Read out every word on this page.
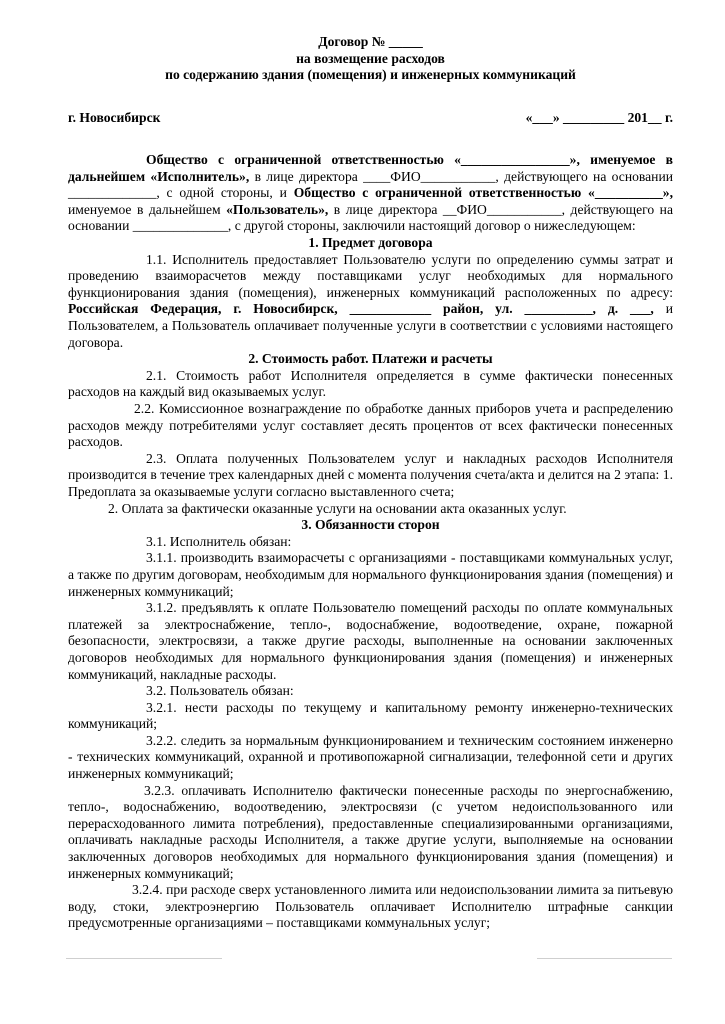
Договор № _____
на возмещение расходов
по содержанию здания (помещения) и инженерных коммуникаций
г. Новосибирск	«___» _________ 201__ г.

Общество с ограниченной ответственностью «________________», именуемое в дальнейшем «Исполнитель», в лице директора ____ФИО___________, действующего на основании _____________, с одной стороны, и Общество с ограниченной ответственностью «__________», именуемое в дальнейшем «Пользователь», в лице директора __ФИО___________, действующего на основании ______________, с другой стороны, заключили настоящий договор о нижеследующем:

1. Предмет договора

1.1. Исполнитель предоставляет Пользователю услуги по определению суммы затрат и проведению взаиморасчетов между поставщиками услуг необходимых для нормального функционирования здания (помещения), инженерных коммуникаций расположенных по адресу: Российская Федерация, г. Новосибирск, ____________ район, ул. __________, д. ___, и Пользователем, а Пользователь оплачивает полученные услуги в соответствии с условиями настоящего договора.

2. Стоимость работ. Платежи и расчеты

2.1. Стоимость работ Исполнителя определяется в сумме фактически понесенных расходов на каждый вид оказываемых услуг.

2.2. Комиссионное вознаграждение по обработке данных приборов учета и распределению расходов между потребителями услуг составляет десять процентов от всех фактически понесенных расходов.

2.3. Оплата полученных Пользователем услуг и накладных расходов Исполнителя производится в течение трех календарных дней с момента получения счета/акта и делится на 2 этапа: 1. Предоплата за оказываемые услуги согласно выставленного счета;

2. Оплата за фактически оказанные услуги на основании акта оказанных услуг.

3. Обязанности сторон

3.1. Исполнитель обязан:

3.1.1. производить взаиморасчеты с организациями - поставщиками коммунальных услуг, а также по другим договорам, необходимым для нормального функционирования здания (помещения) и инженерных коммуникаций;

3.1.2. предъявлять к оплате Пользователю помещений расходы по оплате коммунальных платежей за электроснабжение, тепло-, водоснабжение, водоотведение, охране, пожарной безопасности, электросвязи, а также другие расходы, выполненные на основании заключенных договоров необходимых для нормального функционирования здания (помещения) и инженерных коммуникаций, накладные расходы.

3.2. Пользователь обязан:

3.2.1. нести расходы по текущему и капитальному ремонту инженерно-технических коммуникаций;

3.2.2. следить за нормальным функционированием и техническим состоянием инженерно - технических коммуникаций, охранной и противопожарной сигнализации, телефонной сети и других инженерных коммуникаций;

3.2.3. оплачивать Исполнителю фактически понесенные расходы по энергоснабжению, тепло-, водоснабжению, водоотведению, электросвязи (с учетом недоиспользованного или перерасходованного лимита потребления), предоставленные специализированными организациями, оплачивать накладные расходы Исполнителя, а также другие услуги, выполняемые на основании заключенных договоров необходимых для нормального функционирования здания (помещения) и инженерных коммуникаций;

3.2.4. при расходе сверх установленного лимита или недоиспользовании лимита за питьевую воду, стоки, электроэнергию Пользователь оплачивает Исполнителю штрафные санкции предусмотренные организациями – поставщиками коммунальных услуг;
